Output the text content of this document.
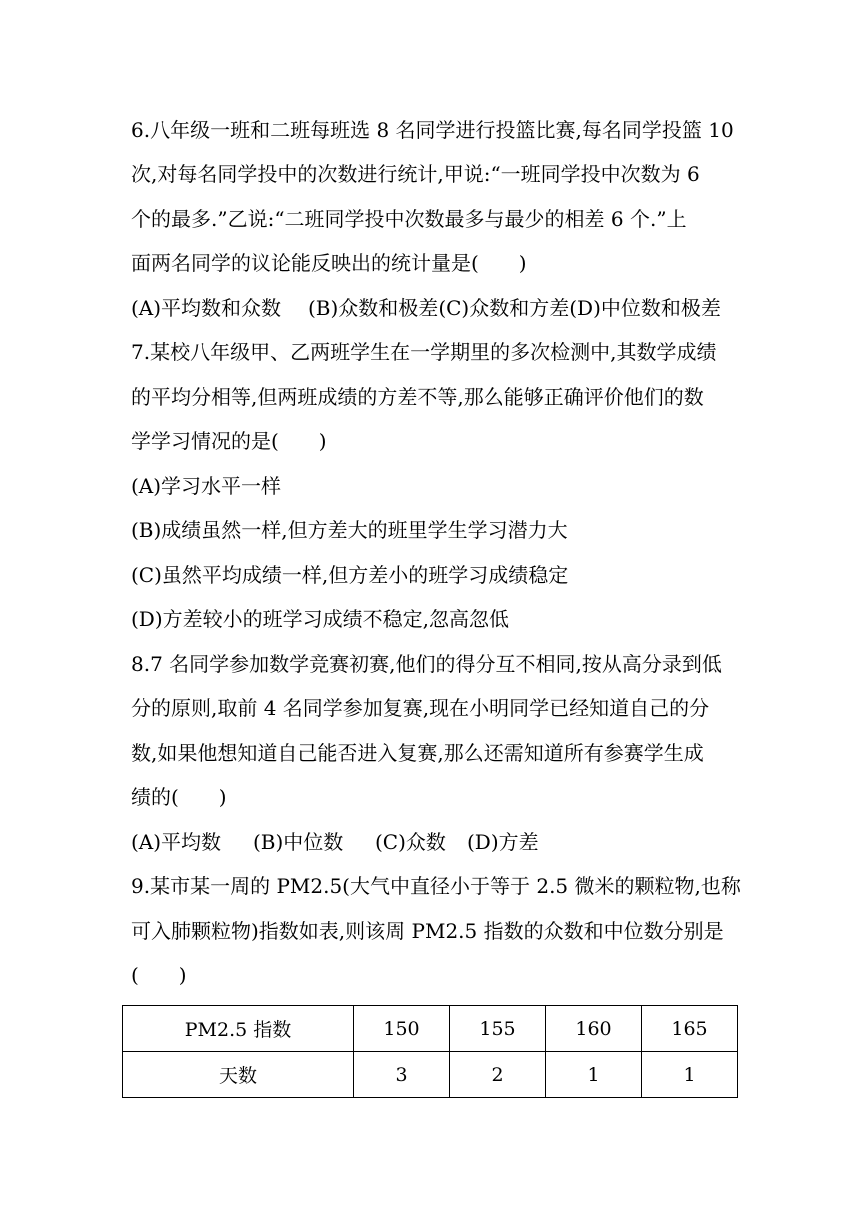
6.八年级一班和二班每班选 8 名同学进行投篮比赛,每名同学投篮 10
次,对每名同学投中的次数进行统计,甲说:“一班同学投中次数为 6
个的最多.”乙说:“二班同学投中次数最多与最少的相差 6 个.”上
面两名同学的议论能反映出的统计量是(　　)
(A)平均数和众数 (B)众数和极差(C)众数和方差(D)中位数和极差
7.某校八年级甲、乙两班学生在一学期里的多次检测中,其数学成绩
的平均分相等,但两班成绩的方差不等,那么能够正确评价他们的数
学学习情况的是(　　)
(A)学习水平一样
(B)成绩虽然一样,但方差大的班里学生学习潜力大
(C)虽然平均成绩一样,但方差小的班学习成绩稳定
(D)方差较小的班学习成绩不稳定,忽高忽低
8.7 名同学参加数学竞赛初赛,他们的得分互不相同,按从高分录到低
分的原则,取前 4 名同学参加复赛,现在小明同学已经知道自己的分
数,如果他想知道自己能否进入复赛,那么还需知道所有参赛学生成
绩的(　　)
(A)平均数 (B)中位数 (C)众数 (D)方差
9.某市某一周的 PM2.5(大气中直径小于等于 2.5 微米的颗粒物,也称
可入肺颗粒物)指数如表,则该周 PM2.5 指数的众数和中位数分别是
(　　)
PM2.5 指数	150	155	160	165
天数	3	2	1	1
